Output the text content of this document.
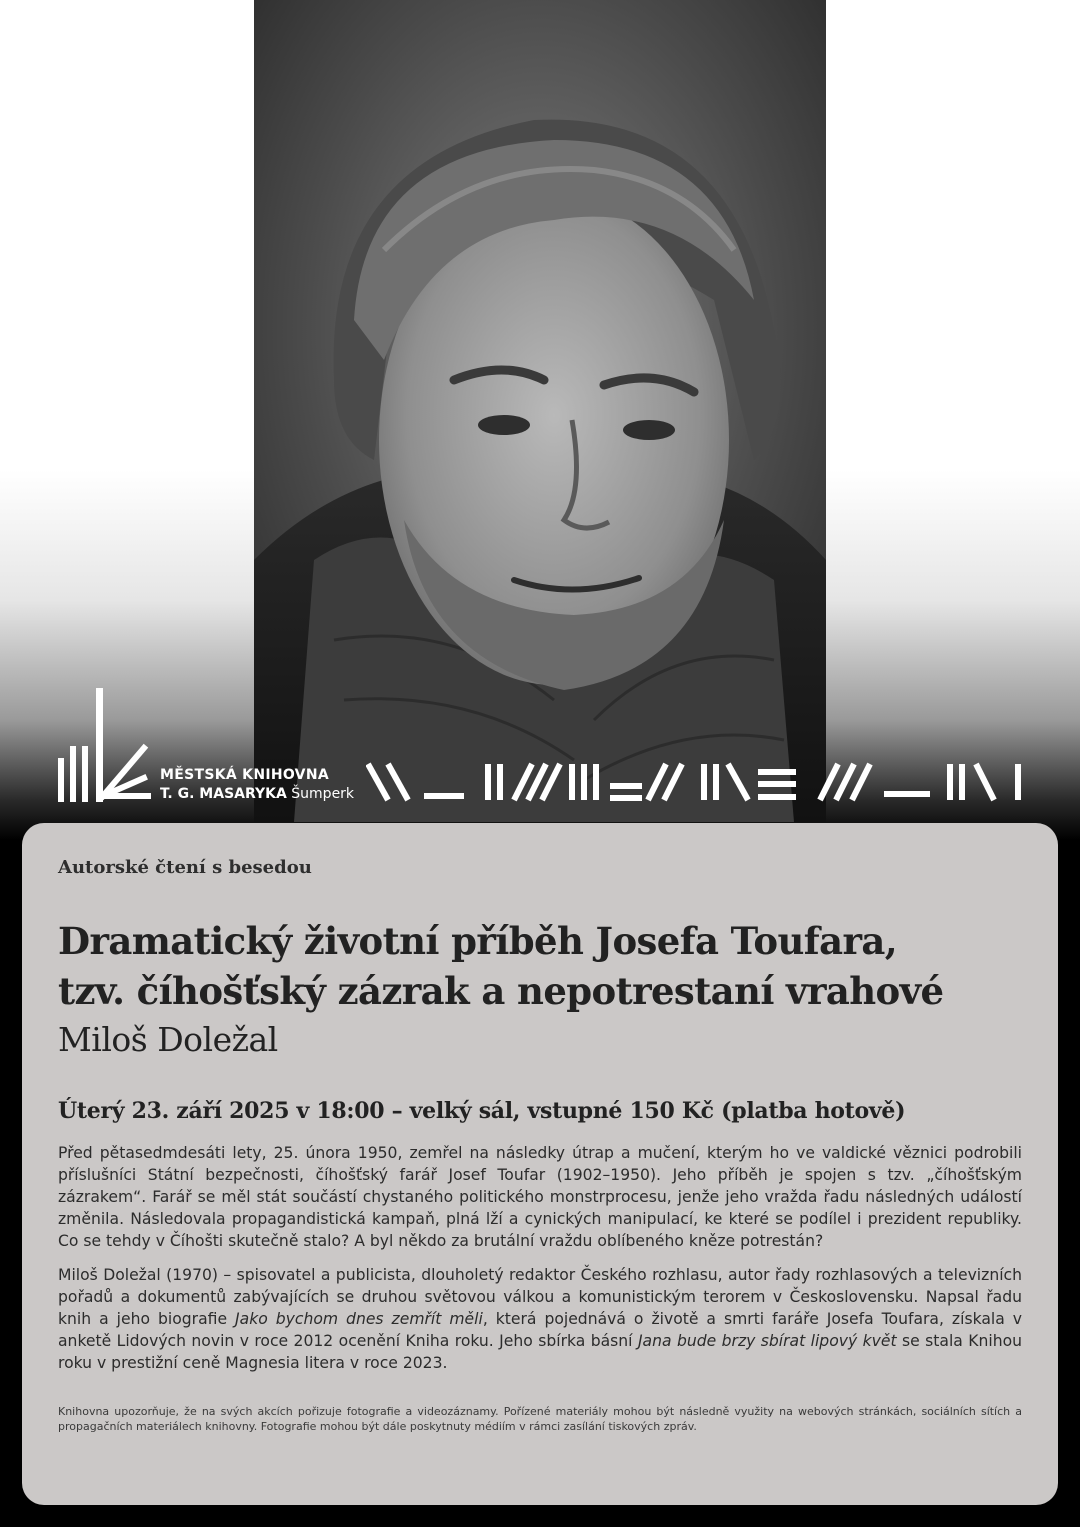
MĚSTSKÁ KNIHOVNA
T. G. MASARYKA Šumperk

Autorské čtení s besedou

Dramatický životní příběh Josefa Toufara,
tzv. číhošťský zázrak a nepotrestaní vrahové

Miloš Doležal

Úterý 23. září 2025 v 18:00 – velký sál, vstupné 150 Kč (platba hotově)

Před pětasedmdesáti lety, 25. února 1950, zemřel na následky útrap a mučení, kterým ho ve valdické věznici podrobili příslušníci Státní bezpečnosti, číhošťský farář Josef Toufar (1902–1950). Jeho příběh je spojen s tzv. „číhošťským zázrakem“. Farář se měl stát součástí chystaného politického monstrprocesu, jenže jeho vražda řadu následných událostí změnila. Následovala propagandistická kampaň, plná lží a cynických manipulací, ke které se podílel i prezident republiky. Co se tehdy v Číhošti skutečně stalo? A byl někdo za brutální vraždu oblíbeného kněze potrestán?

Miloš Doležal (1970) – spisovatel a publicista, dlouholetý redaktor Českého rozhlasu, autor řady rozhlasových a televizních pořadů a dokumentů zabývajících se druhou světovou válkou a komunistickým terorem v Československu. Napsal řadu knih a jeho biografie Jako bychom dnes zemřít měli, která pojednává o životě a smrti faráře Josefa Toufara, získala v anketě Lidových novin v roce 2012 ocenění Kniha roku. Jeho sbírka básní Jana bude brzy sbírat lipový květ se stala Knihou roku v prestižní ceně Magnesia litera v roce 2023.

Knihovna upozorňuje, že na svých akcích pořizuje fotografie a videozáznamy. Pořízené materiály mohou být následně využity na webových stránkách, sociálních sítích a propagačních materiálech knihovny. Fotografie mohou být dále poskytnuty médiím v rámci zasílání tiskových zpráv.
